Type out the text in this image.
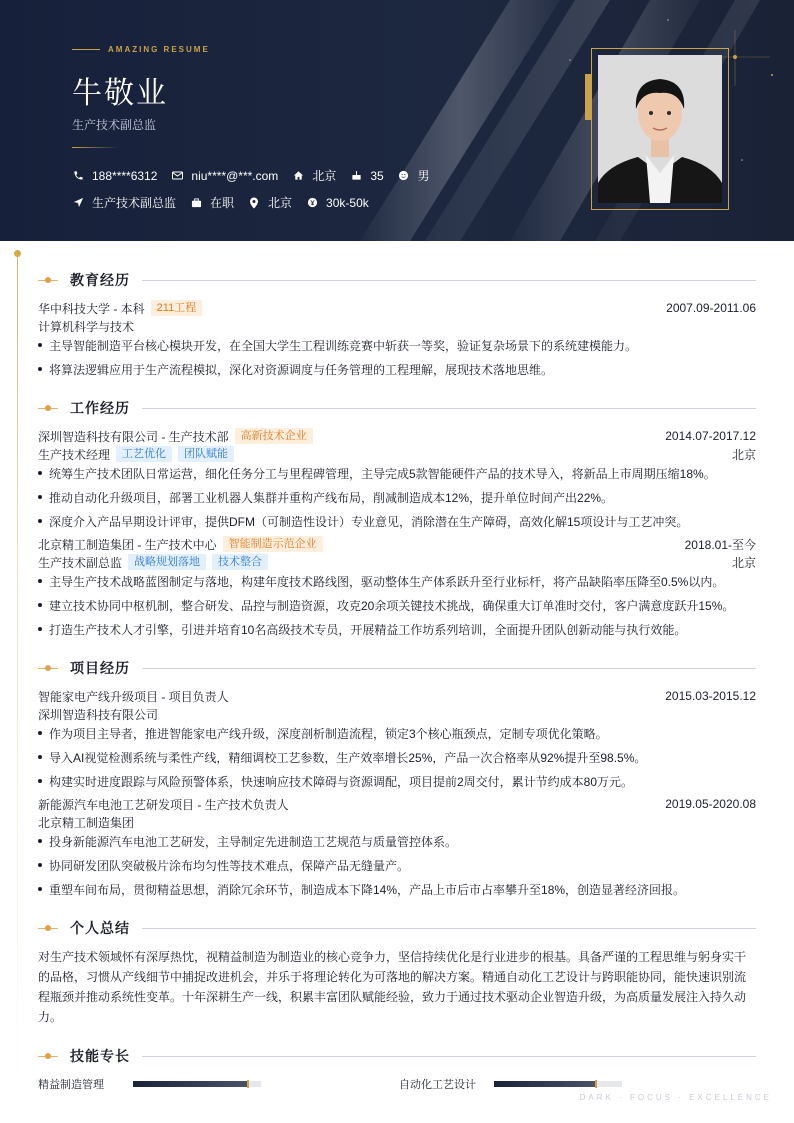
AMAZING RESUME
牛敬业
生产技术副总监
188****6312	niu****@***.com	北京	35	男
生产技术副总监	在职	北京	30k-50k
教育经历
华中科技大学 - 本科	211工程	2007.09-2011.06
计算机科学与技术
主导智能制造平台核心模块开发，在全国大学生工程训练竞赛中斩获一等奖，验证复杂场景下的系统建模能力。
将算法逻辑应用于生产流程模拟，深化对资源调度与任务管理的工程理解，展现技术落地思维。
工作经历
深圳智造科技有限公司 - 生产技术部	高新技术企业	2014.07-2017.12
生产技术经理	工艺优化	团队赋能	北京
统筹生产技术团队日常运营，细化任务分工与里程碑管理，主导完成5款智能硬件产品的技术导入，将新品上市周期压缩18%。
推动自动化升级项目，部署工业机器人集群并重构产线布局，削减制造成本12%，提升单位时间产出22%。
深度介入产品早期设计评审，提供DFM（可制造性设计）专业意见，消除潜在生产障碍，高效化解15项设计与工艺冲突。
北京精工制造集团 - 生产技术中心	智能制造示范企业	2018.01-至今
生产技术副总监	战略规划落地	技术整合	北京
主导生产技术战略蓝图制定与落地，构建年度技术路线图，驱动整体生产体系跃升至行业标杆，将产品缺陷率压降至0.5%以内。
建立技术协同中枢机制，整合研发、品控与制造资源，攻克20余项关键技术挑战，确保重大订单准时交付，客户满意度跃升15%。
打造生产技术人才引擎，引进并培育10名高级技术专员，开展精益工作坊系列培训，全面提升团队创新动能与执行效能。
项目经历
智能家电产线升级项目 - 项目负责人	2015.03-2015.12
深圳智造科技有限公司
作为项目主导者，推进智能家电产线升级，深度剖析制造流程，锁定3个核心瓶颈点，定制专项优化策略。
导入AI视觉检测系统与柔性产线，精细调校工艺参数，生产效率增长25%，产品一次合格率从92%提升至98.5%。
构建实时进度跟踪与风险预警体系，快速响应技术障碍与资源调配，项目提前2周交付，累计节约成本80万元。
新能源汽车电池工艺研发项目 - 生产技术负责人	2019.05-2020.08
北京精工制造集团
投身新能源汽车电池工艺研发，主导制定先进制造工艺规范与质量管控体系。
协同研发团队突破极片涂布均匀性等技术难点，保障产品无缝量产。
重塑车间布局，贯彻精益思想，消除冗余环节，制造成本下降14%，产品上市后市占率攀升至18%，创造显著经济回报。
个人总结
对生产技术领域怀有深厚热忱，视精益制造为制造业的核心竞争力，坚信持续优化是行业进步的根基。具备严谨的工程思维与躬身实干的品格，习惯从产线细节中捕捉改进机会，并乐于将理论转化为可落地的解决方案。精通自动化工艺设计与跨职能协同，能快速识别流程瓶颈并推动系统性变革。十年深耕生产一线，积累丰富团队赋能经验，致力于通过技术驱动企业智造升级，为高质量发展注入持久动力。
技能专长
精益制造管理	自动化工艺设计
DARK · FOCUS · EXCELLENCE
